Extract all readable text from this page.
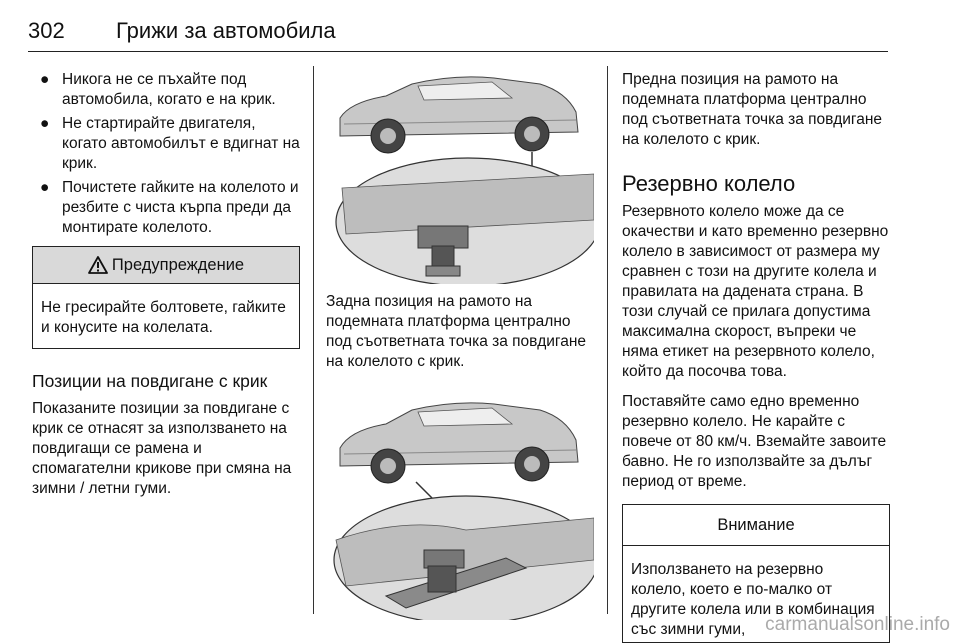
302 Грижи за автомобила
● Никога не се пъхайте под автомобила, когато е на крик.
● Не стартирайте двигателя, когато автомобилът е вдигнат на крик.
● Почистете гайките на колелото и резбите с чиста кърпа преди да монтирате колелото.
Предупреждение
Не гресирайте болтовете, гайките и конусите на колелата.
Позиции на повдигане с крик

Показаните позиции за повдигане с крик се отнасят за използването на повдигащи се рамена и спомагателни крикове при смяна на зимни / летни гуми.

Задна позиция на рамото на подемната платформа централно под съответната точка за повдигане на колелото с крик.

Предна позиция на рамото на подемната платформа централно под съответната точка за повдигане на колелото с крик.

Резервно колело

Резервното колело може да се окачестви и като временно резервно колело в зависимост от размера му сравнен с този на другите колела и правилата на дадената страна. В този случай се прилага допустима максимална скорост, въпреки че няма етикет на резервното колело, който да посочва това.

Поставяйте само едно временно резервно колело. Не карайте с повече от 80 км/ч. Вземайте завоите бавно. Не го използвайте за дълъг период от време.

Внимание
Използването на резервно колело, което е по-малко от другите колела или в комбинация със зимни гуми,	carmanualsonline.info
